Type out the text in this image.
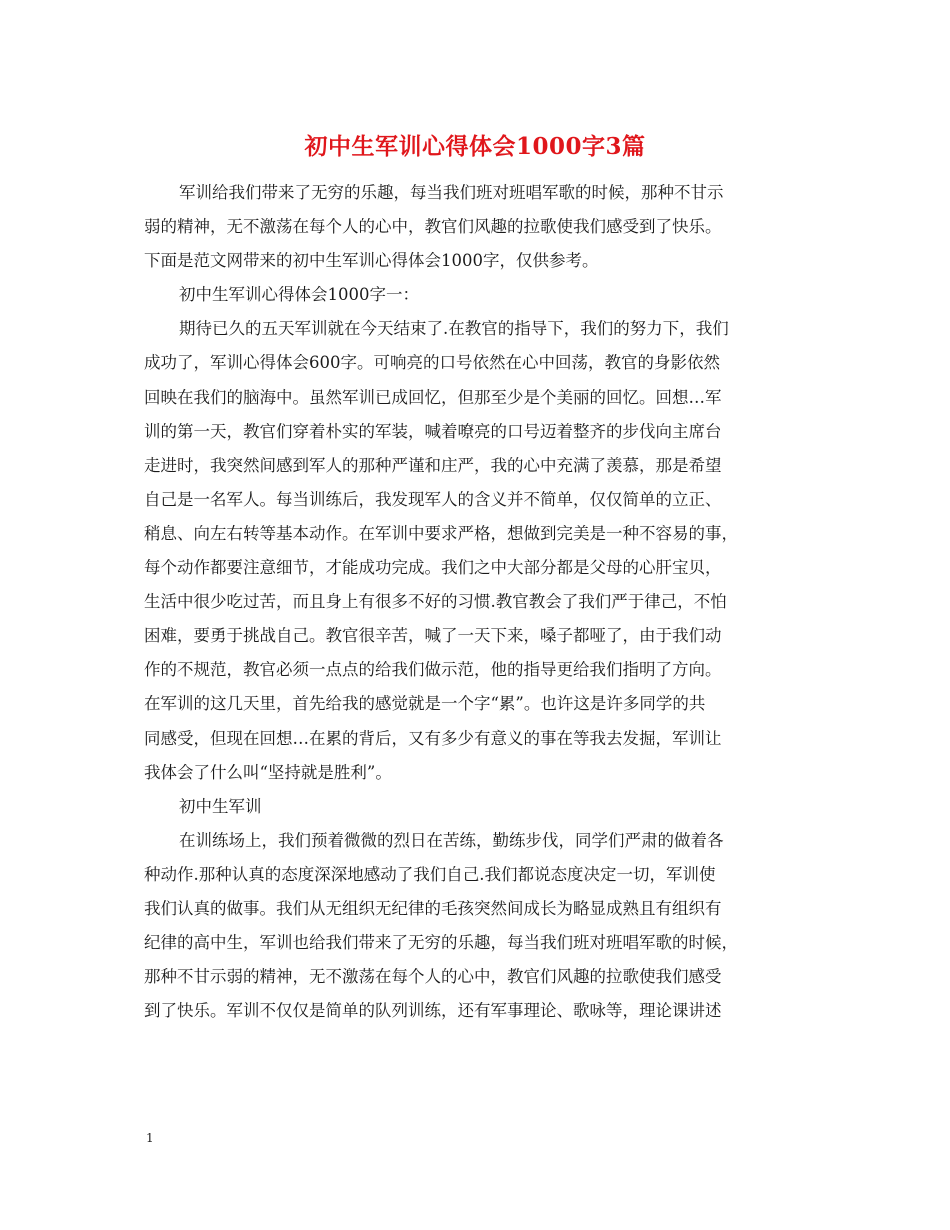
初中生军训心得体会1000字3篇
军训给我们带来了无穷的乐趣，每当我们班对班唱军歌的时候，那种不甘示
弱的精神，无不激荡在每个人的心中，教官们风趣的拉歌使我们感受到了快乐。
下面是范文网带来的初中生军训心得体会1000字，仅供参考。
初中生军训心得体会1000字一：
期待已久的五天军训就在今天结束了.在教官的指导下，我们的努力下，我们
成功了，军训心得体会600字。可响亮的口号依然在心中回荡，教官的身影依然
回映在我们的脑海中。虽然军训已成回忆，但那至少是个美丽的回忆。回想…军
训的第一天，教官们穿着朴实的军装，喊着嘹亮的口号迈着整齐的步伐向主席台
走进时，我突然间感到军人的那种严谨和庄严，我的心中充满了羡慕，那是希望
自己是一名军人。每当训练后，我发现军人的含义并不简单，仅仅简单的立正、
稍息、向左右转等基本动作。在军训中要求严格，想做到完美是一种不容易的事，
每个动作都要注意细节，才能成功完成。我们之中大部分都是父母的心肝宝贝，
生活中很少吃过苦，而且身上有很多不好的习惯.教官教会了我们严于律己，不怕
困难，要勇于挑战自己。教官很辛苦，喊了一天下来，嗓子都哑了，由于我们动
作的不规范，教官必须一点点的给我们做示范，他的指导更给我们指明了方向。
在军训的这几天里，首先给我的感觉就是一个字“累”。也许这是许多同学的共
同感受，但现在回想…在累的背后，又有多少有意义的事在等我去发掘，军训让
我体会了什么叫“坚持就是胜利”。
初中生军训
在训练场上，我们预着微微的烈日在苦练，勤练步伐，同学们严肃的做着各
种动作.那种认真的态度深深地感动了我们自己.我们都说态度决定一切，军训使
我们认真的做事。我们从无组织无纪律的毛孩突然间成长为略显成熟且有组织有
纪律的高中生，军训也给我们带来了无穷的乐趣，每当我们班对班唱军歌的时候，
那种不甘示弱的精神，无不激荡在每个人的心中，教官们风趣的拉歌使我们感受
到了快乐。军训不仅仅是简单的队列训练，还有军事理论、歌咏等，理论课讲述
1
